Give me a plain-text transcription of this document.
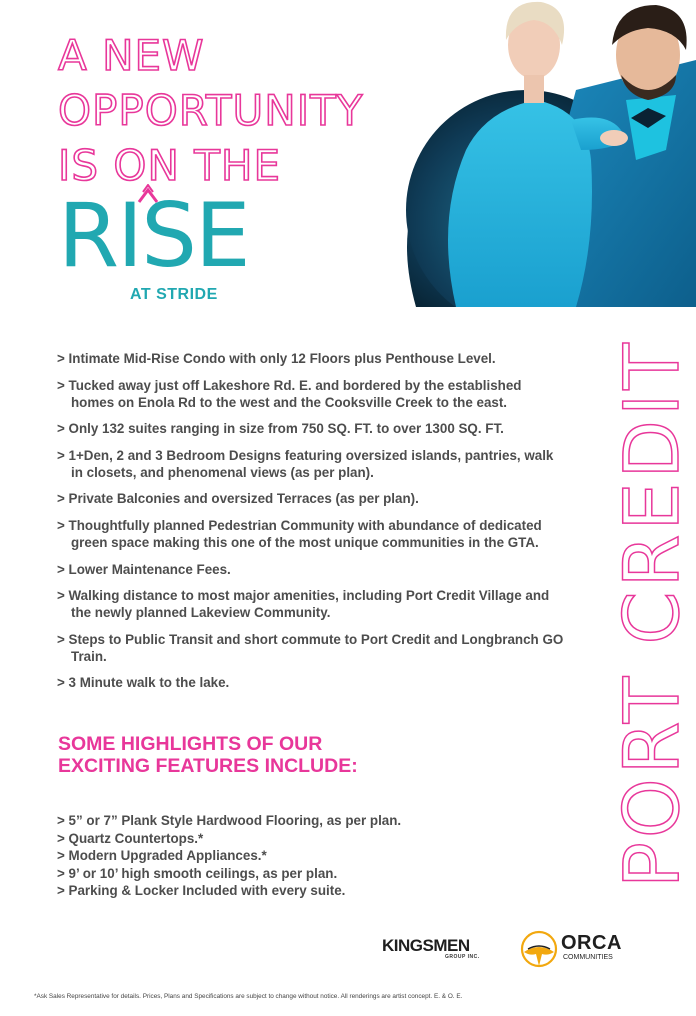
PORT CREDIT
A NEW
OPPORTUNITY
IS ON THE
RISE
AT STRIDE
> Intimate Mid-Rise Condo with only 12 Floors plus Penthouse Level.
> Tucked away just off Lakeshore Rd. E. and bordered by the established homes on Enola Rd to the west and the Cooksville Creek to the east.
> Only 132 suites ranging in size from 750 SQ. FT. to over 1300 SQ. FT.
> 1+Den, 2 and 3 Bedroom Designs featuring oversized islands, pantries, walk in closets, and phenomenal views (as per plan).
> Private Balconies and oversized Terraces (as per plan).
> Thoughtfully planned Pedestrian Community with abundance of dedicated green space making this one of the most unique communities in the GTA.
> Lower Maintenance Fees.
> Walking distance to most major amenities, including Port Credit Village and the newly planned Lakeview Community.
> Steps to Public Transit and short commute to Port Credit and Longbranch GO Train.
> 3 Minute walk to the lake.
SOME HIGHLIGHTS OF OUR
EXCITING FEATURES INCLUDE:
> 5” or 7” Plank Style Hardwood Flooring, as per plan.
> Quartz Countertops.*
> Modern Upgraded Appliances.*
> 9’ or 10’ high smooth ceilings, as per plan.
> Parking & Locker Included with every suite.
KINGSMEN
GROUP INC.
ORCA
COMMUNITIES
*Ask Sales Representative for details. Prices, Plans and Specifications are subject to change without notice. All renderings are artist concept. E. & O. E.
